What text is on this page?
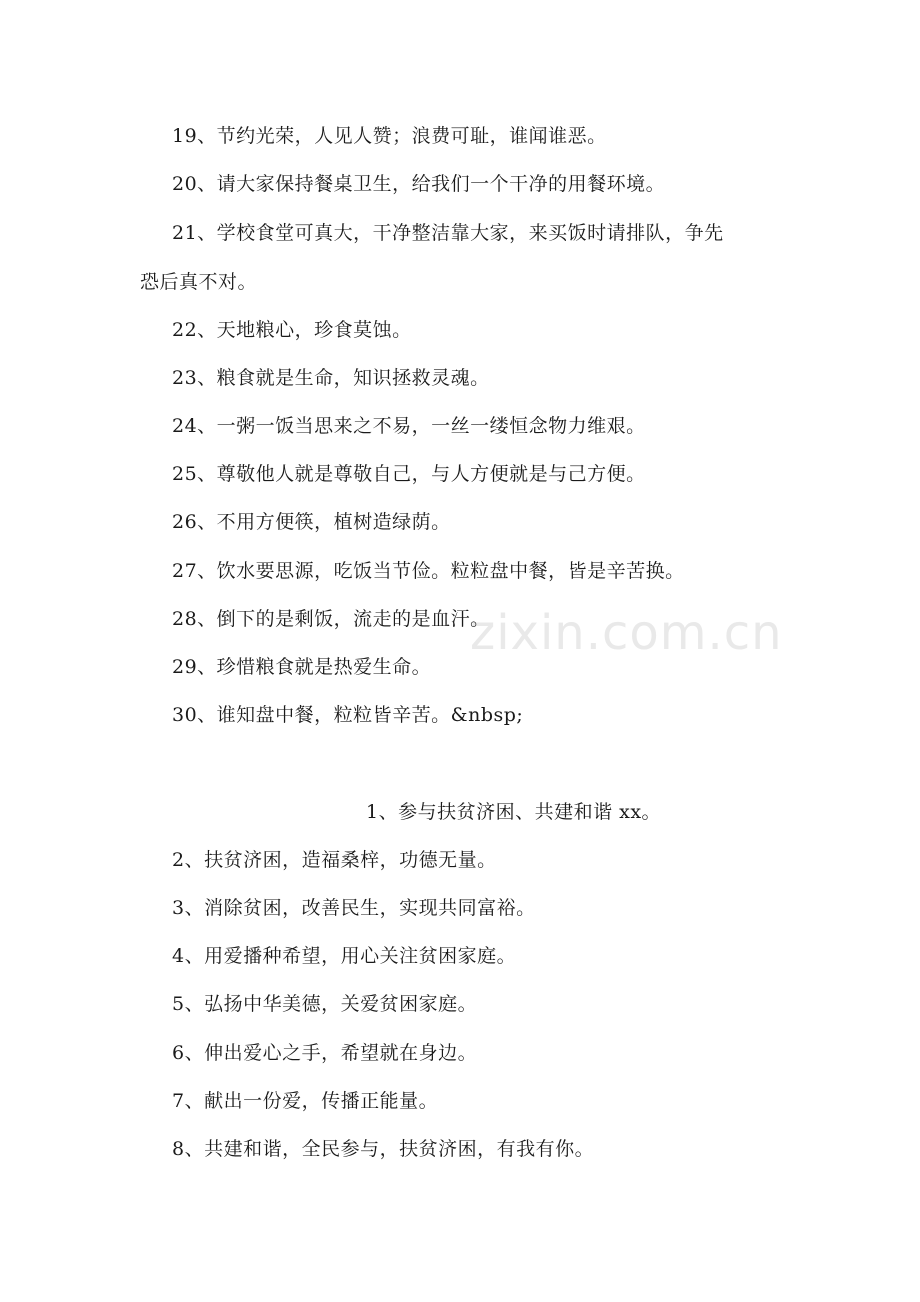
zixin.com.cn
19、节约光荣，人见人赞；浪费可耻，谁闻谁恶。
20、请大家保持餐桌卫生，给我们一个干净的用餐环境。
21、学校食堂可真大，干净整洁靠大家，来买饭时请排队，争先
恐后真不对。
22、天地粮心，珍食莫蚀。
23、粮食就是生命，知识拯救灵魂。
24、一粥一饭当思来之不易，一丝一缕恒念物力维艰。
25、尊敬他人就是尊敬自己，与人方便就是与己方便。
26、不用方便筷，植树造绿荫。
27、饮水要思源，吃饭当节俭。粒粒盘中餐，皆是辛苦换。
28、倒下的是剩饭，流走的是血汗。
29、珍惜粮食就是热爱生命。
30、谁知盘中餐，粒粒皆辛苦。&nbsp;
1、参与扶贫济困、共建和谐 xx。
2、扶贫济困，造福桑梓，功德无量。
3、消除贫困，改善民生，实现共同富裕。
4、用爱播种希望，用心关注贫困家庭。
5、弘扬中华美德，关爱贫困家庭。
6、伸出爱心之手，希望就在身边。
7、献出一份爱，传播正能量。
8、共建和谐，全民参与，扶贫济困，有我有你。
